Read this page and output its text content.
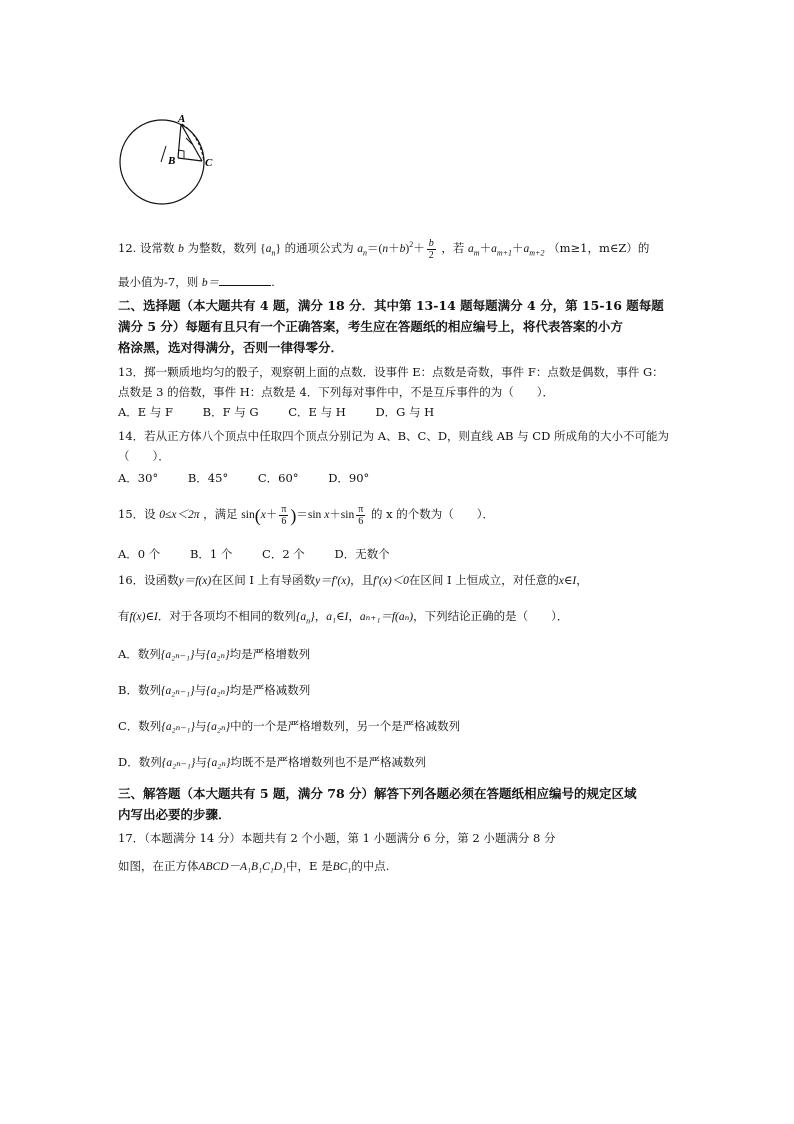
A
B	C
12. 设常数 b 为整数，数列 $\{a_n\}$ 的通项公式为 $a_n=(n+b)^2+ \frac{b}{2}$ ，若 $a_m+a_{m+1}+a_{m+2}$ （m≥1，m∈Z）的
最小值为-7，则 b＝	.
二、选择题（本大题共有 4 题，满分 18 分．其中第 13-14 题每题满分 4 分，第 15-16 题每题
满分 5 分）每题有且只有一个正确答案，考生应在答题纸的相应编号上，将代表答案的小方
格涂黑，选对得满分，否则一律得零分．
13．掷一颗质地均匀的骰子，观察朝上面的点数．设事件 E：点数是奇数，事件 F：点数是偶数，事件 G：
点数是 3 的倍数，事件 H：点数是 4．下列每对事件中，不是互斥事件的为（　　）．
A．E 与 F	B．F 与 G	C．E 与 H	D．G 与 H
14．若从正方体八个顶点中任取四个顶点分别记为 A、B、C、D，则直线 AB 与 CD 所成角的大小不可能为
（　　）．
A．30°	B．45°	C．60°	D．90°
15．设 0≤x＜2π ，满足 $\sin(x+ \frac{\pi}{6} )=\sin$ $x+\sin \frac{\pi}{6}$ 的 x 的个数为（　　）．
A．0 个	B．1 个	C．2 个	D．无数个
16．设函数y＝f(x)在区间 I 上有导函数y＝f′(x)，且f′(x)＜0在区间 I 上恒成立，对任意的x∈I，
有f(x)∈I．对于各项均不相同的数列$\{a_n\}$，a₁∈I，aₙ₊₁＝f(aₙ)，下列结论正确的是（　　）．
A．数列{a₂ₙ₋₁}与{a₂ₙ}均是严格增数列
B．数列{a₂ₙ₋₁}与{a₂ₙ}均是严格减数列
C．数列{a₂ₙ₋₁}与{a₂ₙ}中的一个是严格增数列，另一个是严格减数列
D．数列{a₂ₙ₋₁}与{a₂ₙ}均既不是严格增数列也不是严格减数列
三、解答题（本大题共有 5 题，满分 78 分）解答下列各题必须在答题纸相应编号的规定区域
内写出必要的步骤．
17．（本题满分 14 分）本题共有 2 个小题，第 1 小题满分 6 分，第 2 小题满分 8 分
如图，在正方体ABCD－A₁B₁C₁D₁中，E 是BC₁的中点.
